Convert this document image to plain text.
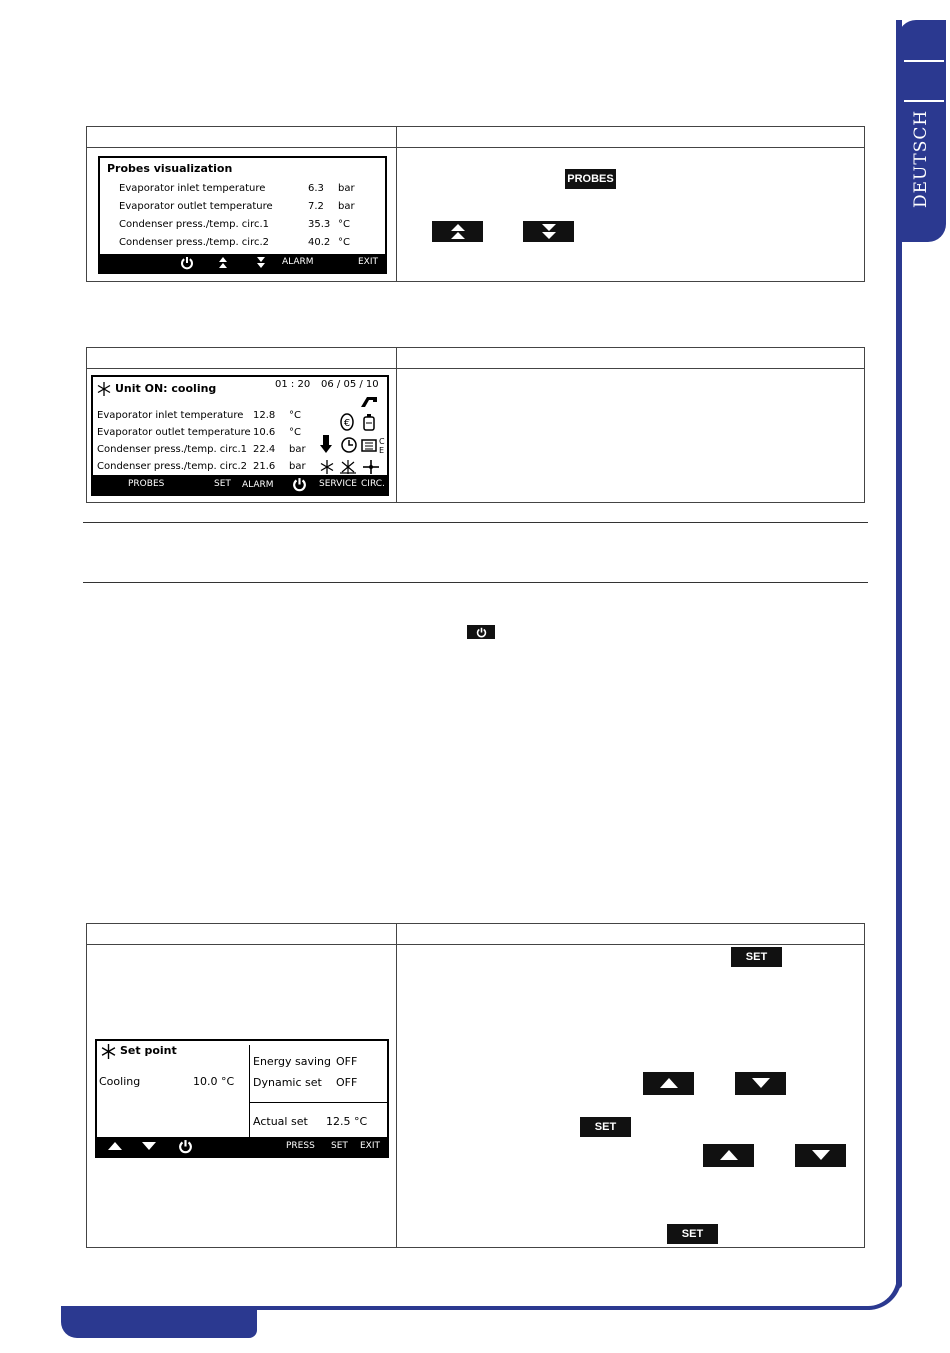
DEUTSCH
Probes visualization
Evaporator inlet temperature	6.3 bar
Evaporator outlet temperature	7.2 bar
Condenser press./temp. circ.1	35.3 °C
Condenser press./temp. circ.2	40.2 °C
ALARM	EXIT
PROBES
Unit ON: cooling	01 : 20 06 / 05 / 10
Evaporator inlet temperature 12.8 °C
Evaporator outlet temperature 10.6 °C
Condenser press./temp. circ.1 22.4 bar
Condenser press./temp. circ.2 21.6 bar
€
C
E
PROBES	SET ALARM	SERVICE CIRC.
Set point
Cooling	10.0 °C
Energy saving OFF
Dynamic set OFF
Actual set 12.5 °C
PRESS SET EXIT
SET
SET
SET
